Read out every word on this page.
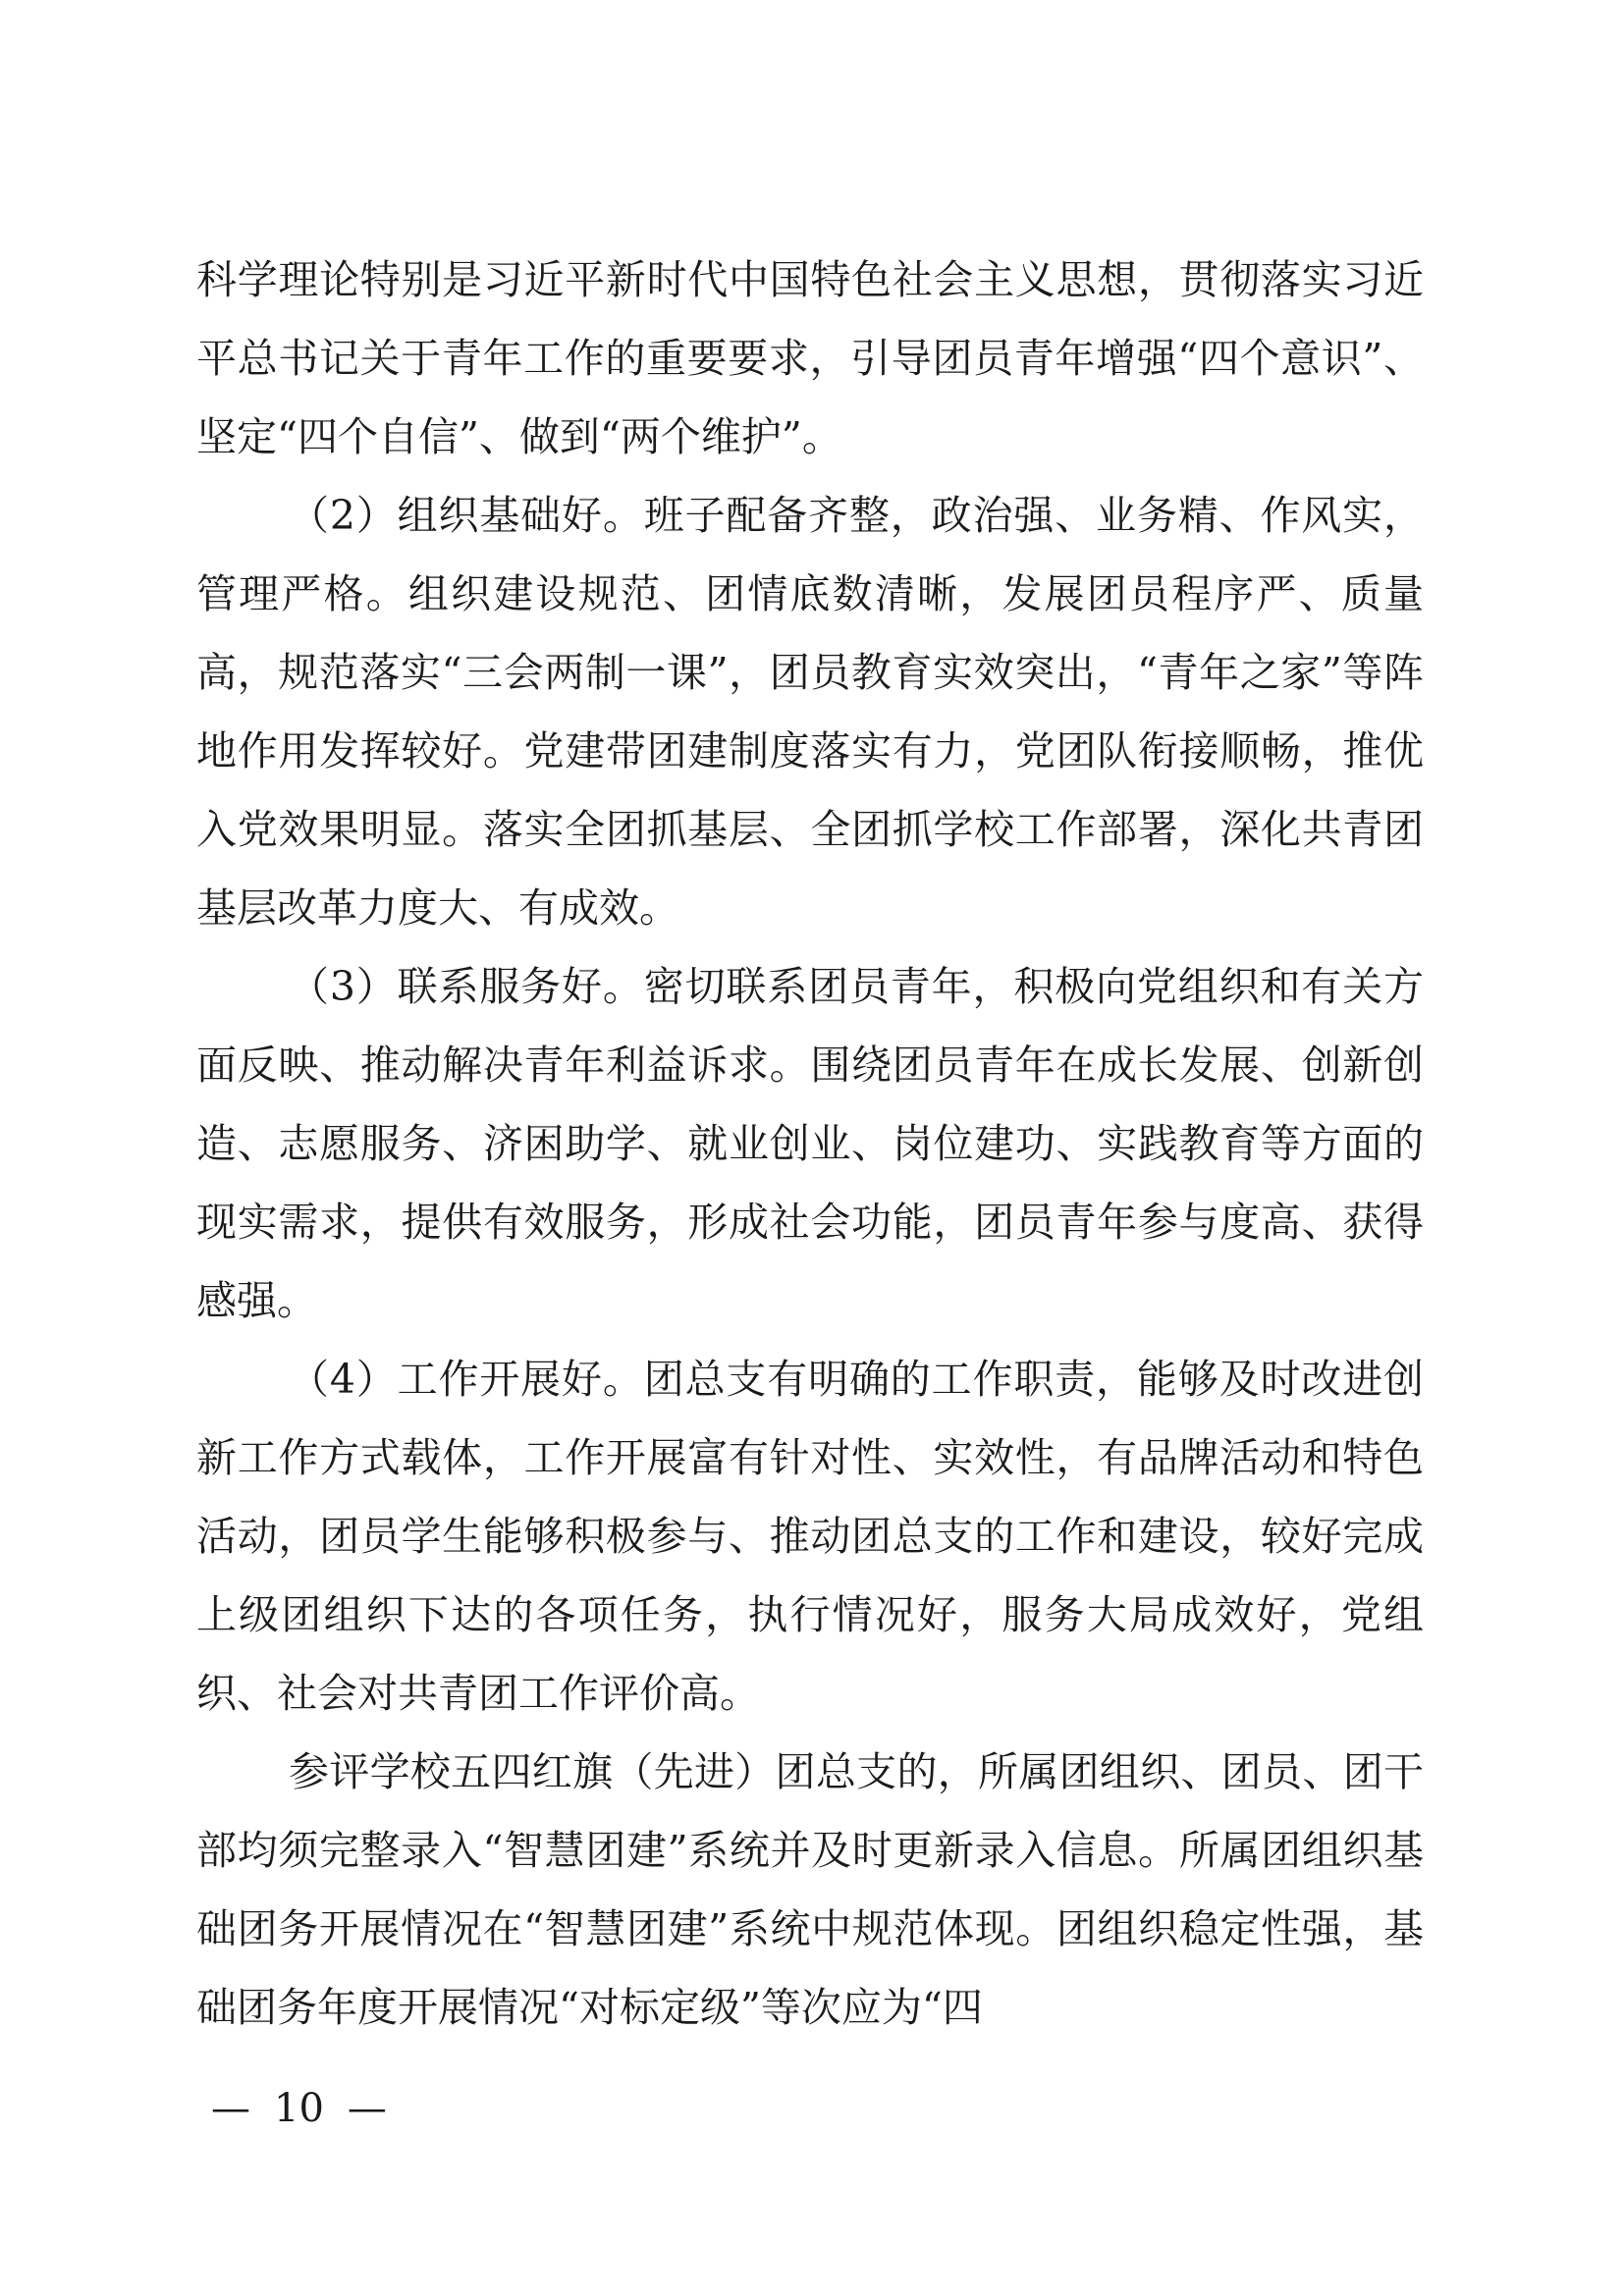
科学理论特别是习近平新时代中国特色社会主义思想，贯彻落实习近平总书记关于青年工作的重要要求，引导团员青年增强“四个意识”、坚定“四个自信”、做到“两个维护”。

（2）组织基础好。班子配备齐整，政治强、业务精、作风实，管理严格。组织建设规范、团情底数清晰，发展团员程序严、质量高，规范落实“三会两制一课”，团员教育实效突出，“青年之家”等阵地作用发挥较好。党建带团建制度落实有力，党团队衔接顺畅，推优入党效果明显。落实全团抓基层、全团抓学校工作部署，深化共青团基层改革力度大、有成效。

（3）联系服务好。密切联系团员青年，积极向党组织和有关方面反映、推动解决青年利益诉求。围绕团员青年在成长发展、创新创造、志愿服务、济困助学、就业创业、岗位建功、实践教育等方面的现实需求，提供有效服务，形成社会功能，团员青年参与度高、获得感强。

（4）工作开展好。团总支有明确的工作职责，能够及时改进创新工作方式载体，工作开展富有针对性、实效性，有品牌活动和特色活动，团员学生能够积极参与、推动团总支的工作和建设，较好完成上级团组织下达的各项任务，执行情况好，服务大局成效好，党组织、社会对共青团工作评价高。

参评学校五四红旗（先进）团总支的，所属团组织、团员、团干部均须完整录入“智慧团建”系统并及时更新录入信息。所属团组织基础团务开展情况在“智慧团建”系统中规范体现。团组织稳定性强，基础团务年度开展情况“对标定级”等次应为“四

— 10 —
